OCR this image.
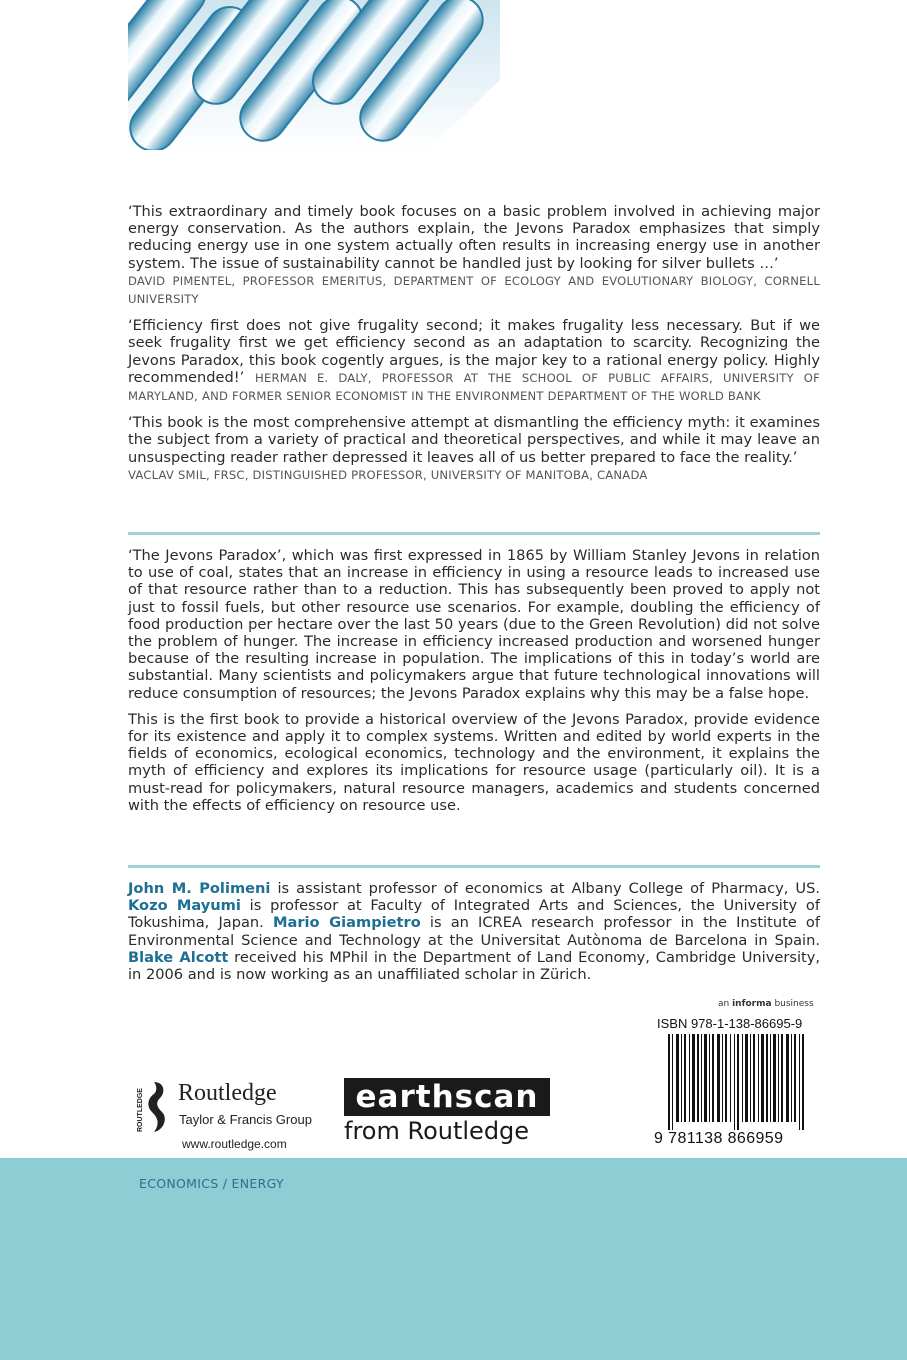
‘This extraordinary and timely book focuses on a basic problem involved in achieving major energy conservation. As the authors explain, the Jevons Paradox emphasizes that simply reducing energy use in one system actually often results in increasing energy use in another system. The issue of sustainability cannot be handled just by looking for silver bullets …’
DAVID PIMENTEL, PROFESSOR EMERITUS, DEPARTMENT OF ECOLOGY AND EVOLUTIONARY BIOLOGY, CORNELL UNIVERSITY

‘Efficiency first does not give frugality second; it makes frugality less necessary. But if we seek frugality first we get efficiency second as an adaptation to scarcity. Recognizing the Jevons Paradox, this book cogently argues, is the major key to a rational energy policy. Highly recommended!’ HERMAN E. DALY, PROFESSOR AT THE SCHOOL OF PUBLIC AFFAIRS, UNIVERSITY OF MARYLAND, AND FORMER SENIOR ECONOMIST IN THE ENVIRONMENT DEPARTMENT OF THE WORLD BANK

‘This book is the most comprehensive attempt at dismantling the efficiency myth: it examines the subject from a variety of practical and theoretical perspectives, and while it may leave an unsuspecting reader rather depressed it leaves all of us better prepared to face the reality.’
VACLAV SMIL, FRSC, DISTINGUISHED PROFESSOR, UNIVERSITY OF MANITOBA, CANADA

‘The Jevons Paradox’, which was first expressed in 1865 by William Stanley Jevons in relation to use of coal, states that an increase in efficiency in using a resource leads to increased use of that resource rather than to a reduction. This has subsequently been proved to apply not just to fossil fuels, but other resource use scenarios. For example, doubling the efficiency of food production per hectare over the last 50 years (due to the Green Revolution) did not solve the problem of hunger. The increase in efficiency increased production and worsened hunger because of the resulting increase in population. The implications of this in today’s world are substantial. Many scientists and policymakers argue that future technological innovations will reduce consumption of resources; the Jevons Paradox explains why this may be a false hope.

This is the first book to provide a historical overview of the Jevons Paradox, provide evidence for its existence and apply it to complex systems. Written and edited by world experts in the fields of economics, ecological economics, technology and the environment, it explains the myth of efficiency and explores its implications for resource usage (particularly oil). It is a must-read for policymakers, natural resource managers, academics and students concerned with the effects of efficiency on resource use.

John M. Polimeni is assistant professor of economics at Albany College of Pharmacy, US. Kozo Mayumi is professor at Faculty of Integrated Arts and Sciences, the University of Tokushima, Japan. Mario Giampietro is an ICREA research professor in the Institute of Environmental Science and Technology at the Universitat Autònoma de Barcelona in Spain. Blake Alcott received his MPhil in the Department of Land Economy, Cambridge University, in 2006 and is now working as an unaffiliated scholar in Zürich.

an informa business
ISBN 978-1-138-86695-9
9 781138 866959
ROUTLEDGE Routledge
Taylor & Francis Group
www.routledge.com
earthscan
from Routledge
ECONOMICS / ENERGY
